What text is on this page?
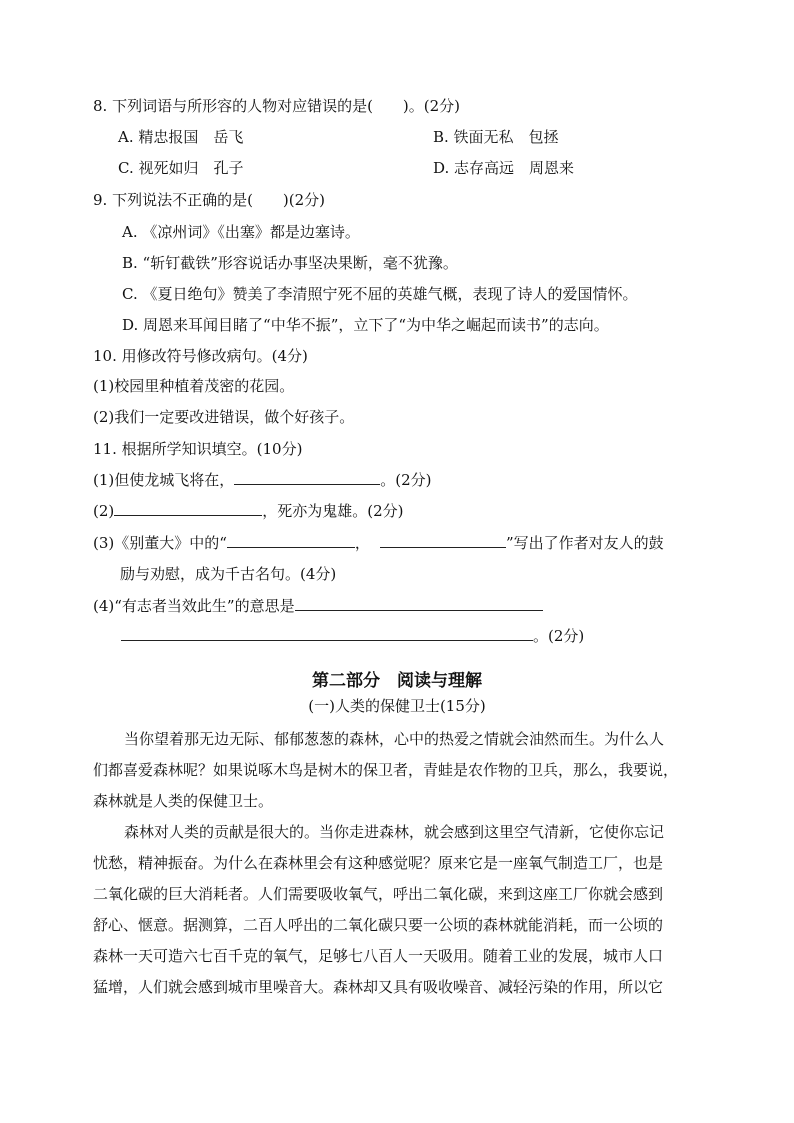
8. 下列词语与所形容的人物对应错误的是(　　)。(2分)
A. 精忠报国　岳飞	B. 铁面无私　包拯
C. 视死如归　孔子	D. 志存高远　周恩来
9. 下列说法不正确的是(　　)(2分)
A. 《凉州词》《出塞》都是边塞诗。
B. “斩钉截铁”形容说话办事坚决果断，毫不犹豫。
C. 《夏日绝句》赞美了李清照宁死不屈的英雄气概，表现了诗人的爱国情怀。
D. 周恩来耳闻目睹了“中华不振”，立下了“为中华之崛起而读书”的志向。
10. 用修改符号修改病句。(4分)
(1)校园里种植着茂密的花园。
(2)我们一定要改进错误，做个好孩子。
11. 根据所学知识填空。(10分)
(1)但使龙城飞将在，	。(2分)
(2)	，死亦为鬼雄。(2分)
(3)《别董大》中的“	，	”写出了作者对友人的鼓
励与劝慰，成为千古名句。(4分)
(4)“有志者当效此生”的意思是
。(2分)
第二部分　阅读与理解
(一)人类的保健卫士(15分)
当你望着那无边无际、郁郁葱葱的森林，心中的热爱之情就会油然而生。为什么人
们都喜爱森林呢？如果说啄木鸟是树木的保卫者，青蛙是农作物的卫兵，那么，我要说，
森林就是人类的保健卫士。
森林对人类的贡献是很大的。当你走进森林，就会感到这里空气清新，它使你忘记
忧愁，精神振奋。为什么在森林里会有这种感觉呢？原来它是一座氧气制造工厂，也是
二氧化碳的巨大消耗者。人们需要吸收氧气，呼出二氧化碳，来到这座工厂你就会感到
舒心、惬意。据测算，二百人呼出的二氧化碳只要一公顷的森林就能消耗，而一公顷的
森林一天可造六七百千克的氧气，足够七八百人一天吸用。随着工业的发展，城市人口
猛增，人们就会感到城市里噪音大。森林却又具有吸收噪音、减轻污染的作用，所以它
